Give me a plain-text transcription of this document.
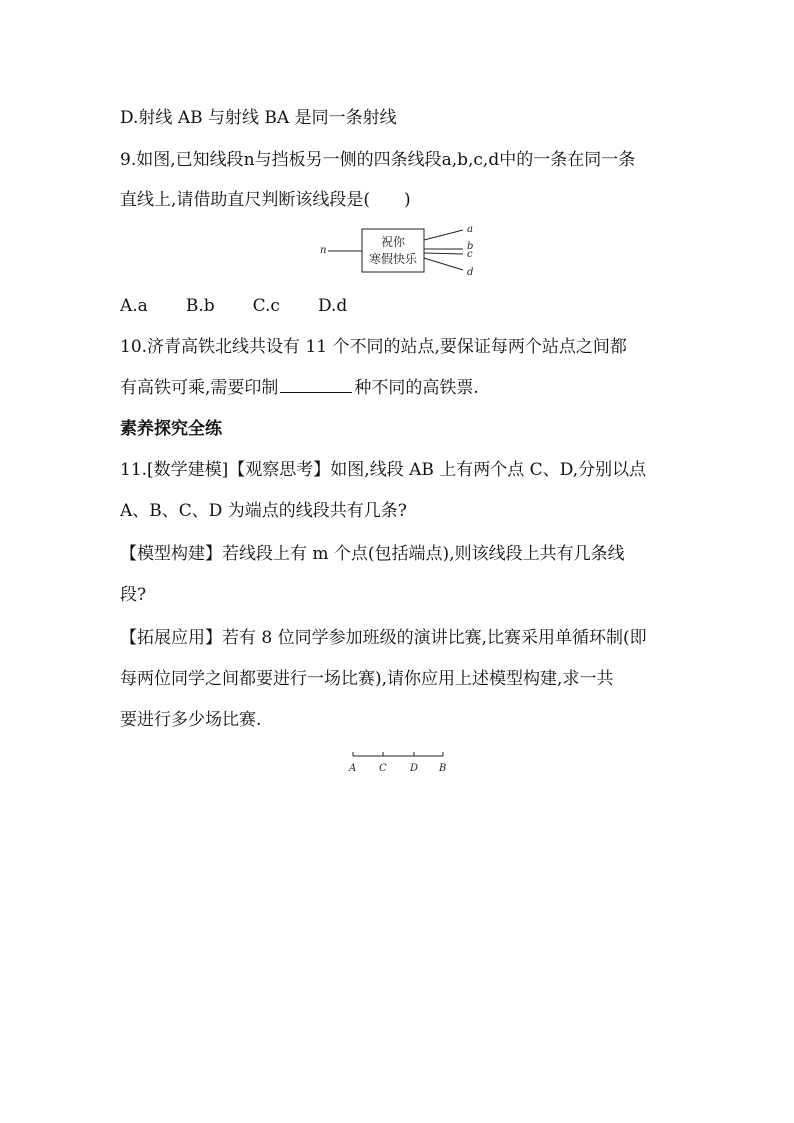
D.射线 AB 与射线 BA 是同一条射线
9.如图,已知线段n与挡板另一侧的四条线段a,b,c,d中的一条在同一条
直线上,请借助直尺判断该线段是(　　)
n
祝你
寒假快乐
a
b
c
d
A.a B.b C.c D.d
10.济青高铁北线共设有 11 个不同的站点,要保证每两个站点之间都
有高铁可乘,需要印制	种不同的高铁票.
素养探究全练
11.[数学建模]【观察思考】如图,线段 AB 上有两个点 C、D,分别以点
A、B、C、D 为端点的线段共有几条?
【模型构建】若线段上有 m 个点(包括端点),则该线段上共有几条线
段?
【拓展应用】若有 8 位同学参加班级的演讲比赛,比赛采用单循环制(即
每两位同学之间都要进行一场比赛),请你应用上述模型构建,求一共
要进行多少场比赛.
A C D B
